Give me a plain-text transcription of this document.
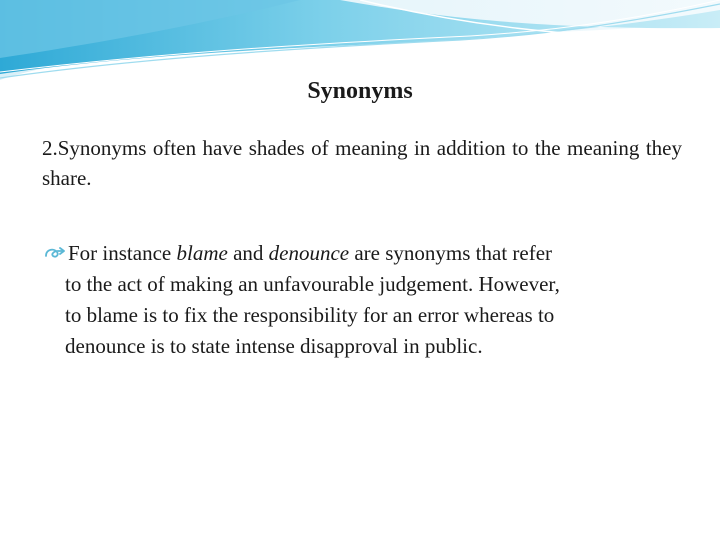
Synonyms
2.Synonyms often have shades of meaning in addition to the meaning they share.
For instance blame and denounce are synonyms that refer
to the act of making an unfavourable judgement. However,
to blame is to fix the responsibility for an error whereas to
denounce is to state intense disapproval in public.
